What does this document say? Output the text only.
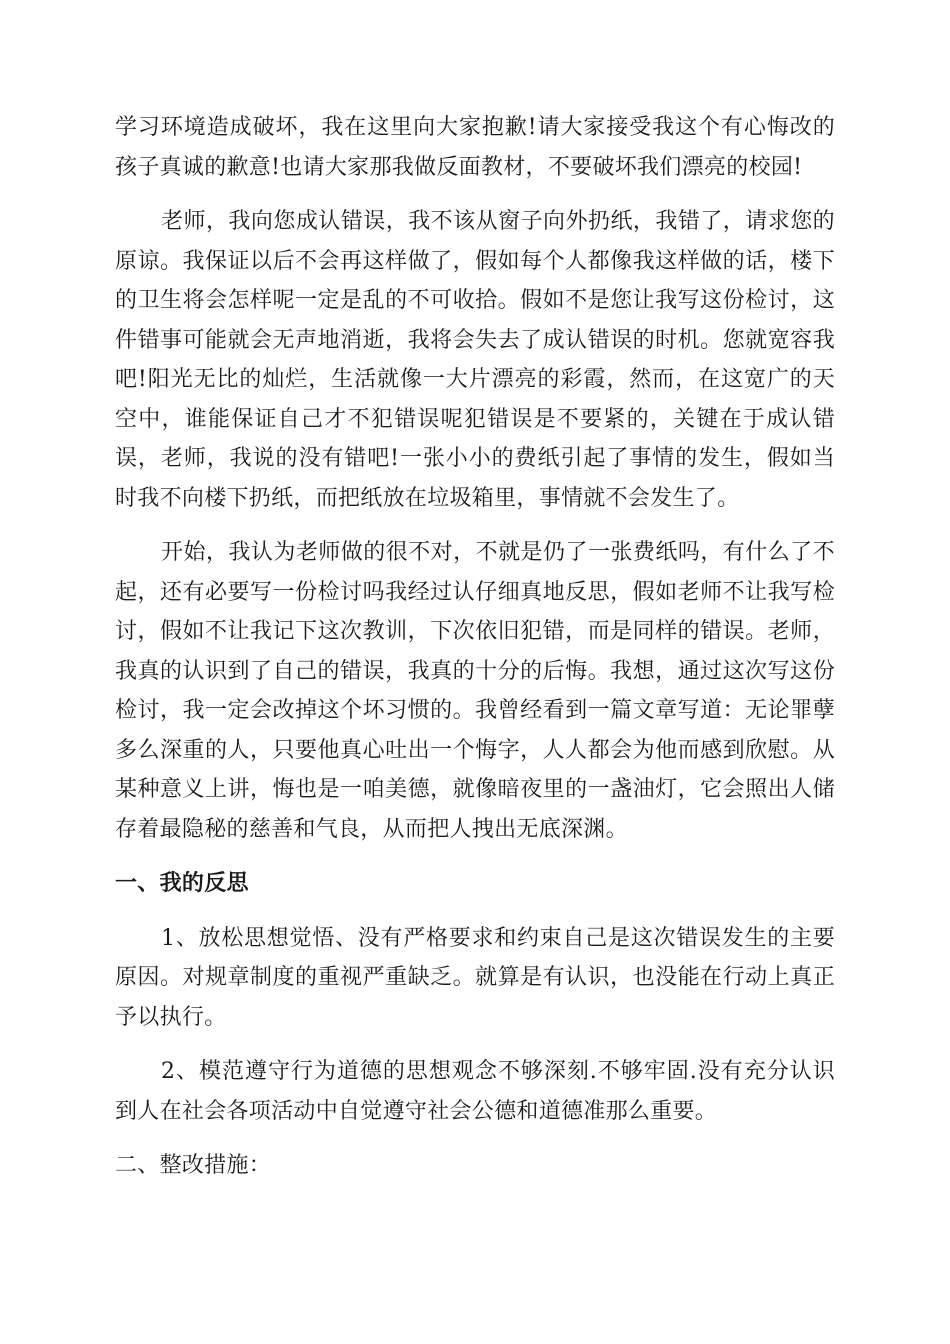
学习环境造成破坏，我在这里向大家抱歉!请大家接受我这个有心悔改的孩子真诚的歉意!也请大家那我做反面教材，不要破坏我们漂亮的校园!

老师，我向您成认错误，我不该从窗子向外扔纸，我错了，请求您的原谅。我保证以后不会再这样做了，假如每个人都像我这样做的话，楼下的卫生将会怎样呢一定是乱的不可收拾。假如不是您让我写这份检讨，这件错事可能就会无声地消逝，我将会失去了成认错误的时机。您就宽容我吧!阳光无比的灿烂，生活就像一大片漂亮的彩霞，然而，在这宽广的天空中，谁能保证自己才不犯错误呢犯错误是不要紧的，关键在于成认错误，老师，我说的没有错吧!一张小小的费纸引起了事情的发生，假如当时我不向楼下扔纸，而把纸放在垃圾箱里，事情就不会发生了。

开始，我认为老师做的很不对，不就是仍了一张费纸吗，有什么了不起，还有必要写一份检讨吗我经过认仔细真地反思，假如老师不让我写检讨，假如不让我记下这次教训，下次依旧犯错，而是同样的错误。老师，我真的认识到了自己的错误，我真的十分的后悔。我想，通过这次写这份检讨，我一定会改掉这个坏习惯的。我曾经看到一篇文章写道：无论罪孽多么深重的人，只要他真心吐出一个悔字，人人都会为他而感到欣慰。从某种意义上讲，悔也是一咱美德，就像暗夜里的一盏油灯，它会照出人储存着最隐秘的慈善和气良，从而把人拽出无底深渊。

一、我的反思

1、放松思想觉悟、没有严格要求和约束自己是这次错误发生的主要原因。对规章制度的重视严重缺乏。就算是有认识，也没能在行动上真正予以执行。

2、模范遵守行为道德的思想观念不够深刻.不够牢固.没有充分认识到人在社会各项活动中自觉遵守社会公德和道德准那么重要。

二、整改措施：
